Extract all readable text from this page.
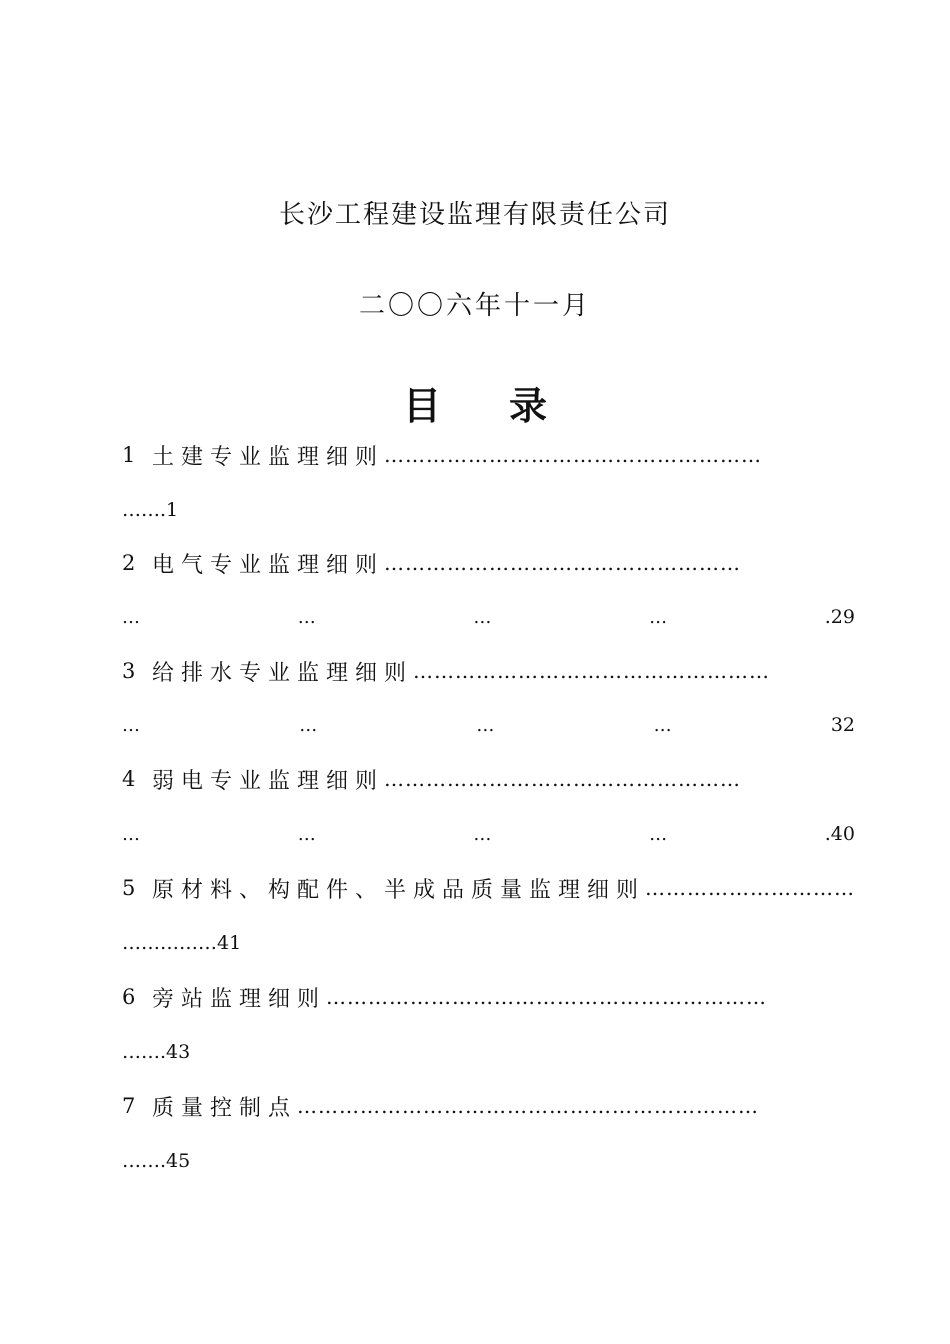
长沙工程建设监理有限责任公司
二〇〇六年十一月
目录
1 土建专业监理细则 ………………………………………………
…….1
2 电气专业监理细则 ……………………………………………
…	…	…	…	.29
3 给排水专业监理细则 ……………………………………………
…	…	…	…	32
4 弱电专业监理细则 ……………………………………………
…	…	…	…	.40
5 原材料、构配件、半成品质量监理细则 …………………………
……………41
6 旁站监理细则 ………………………………………………………
…….43
7 质量控制点 …………………………………………………………
…….45
